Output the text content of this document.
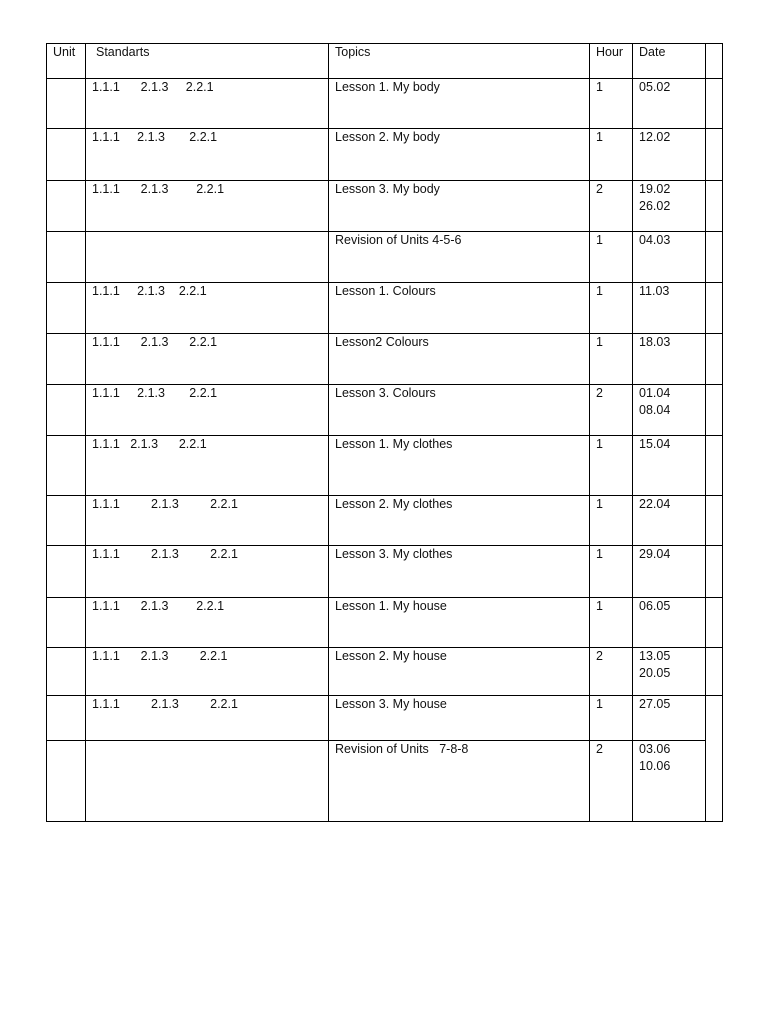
Unit	Standarts	Topics	Hour	Date	
	1.1.1      2.1.3     2.2.1	Lesson 1. My body	1	05.02	

	1.1.1     2.1.3       2.2.1	Lesson 2. My body	1	12.02	

	1.1.1      2.1.3        2.2.1	Lesson 3. My body	2	19.02
26.02	

		Revision of Units 4-5-6	1	04.03	

	1.1.1     2.1.3    2.2.1	Lesson 1. Colours	1	11.03	

	1.1.1      2.1.3      2.2.1	Lesson2 Colours	1	18.03	

	1.1.1     2.1.3       2.2.1	Lesson 3. Colours	2	01.04
08.04	

	1.1.1   2.1.3      2.2.1	Lesson 1. My clothes	1	15.04	

	1.1.1         2.1.3         2.2.1	Lesson 2. My clothes	1	22.04	

	1.1.1         2.1.3         2.2.1	Lesson 3. My clothes	1	29.04	

	1.1.1      2.1.3        2.2.1	Lesson 1. My house	1	06.05	

	1.1.1      2.1.3         2.2.1	Lesson 2. My house	2	13.05
20.05	

	1.1.1         2.1.3         2.2.1	Lesson 3. My house	1	27.05	

		Revision of Units   7-8-8	2	03.06
10.06	
